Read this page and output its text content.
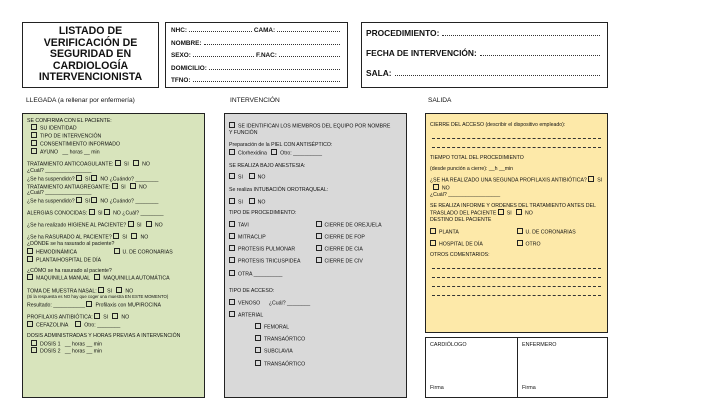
LISTADO DE VERIFICACIÓN DE SEGURIDAD EN CARDIOLOGÍA INTERVENCIONISTA
NHC:	CAMA:
NOMBRE:
SEXO:	F.NAC:
DOMICILIO:
TFNO:
PROCEDIMIENTO:
FECHA DE INTERVENCIÓN:
SALA:
LLEGADA (a rellenar por enfermería)	INTERVENCIÓN	SALIDA
SE CONFIRMA CON EL PACIENTE:
SU IDENTIDAD
TIPO DE INTERVENCIÓN
CONSENTIMIENTO INFORMADO
AYUNO __ horas __ min
TRATAMIENTO ANTICOAGULANTE: SI	NO
¿Cuál? ________________
¿Se ha suspendido? SI NO ¿Cuándo? ________
TRATAMIENTO ANTIAGREGANTE: SI	NO
¿Cuál? ________________
¿Se ha suspendido? SI NO ¿Cuándo? ________
ALERGIAS CONOCIDAS: SI NO ¿Cuál? ________
¿Se ha realizado HIGIENE AL PACIENTE? SI	NO
¿Se ha RASURADO AL PACIENTE? SI	NO
¿DÓNDE se ha rasurado al paciente?
HEMODINÁMICA	U. DE CORONARIAS
PLANTA/HOSPITAL DE DÍA
¿CÓMO se ha rasurado al paciente?
MAQUINILLA MANUAL	MAQUINILLA AUTOMÁTICA
TOMA DE MUESTRA NASAL: SI	NO
(Si la respuesta es NO hay que coger una muestra EN ESTE MOMENTO)
Resultado: ___________ Profilaxis con MUPIROCINA
PROFILAXIS ANTIBIÓTICA: SI	NO
CEFAZOLINA	Otro: ________
DOSIS ADMINISTRADAS Y HORAS PREVIAS A INTERVENCIÓN
DOSIS 1 __ horas __ min
DOSIS 2 __ horas __ min
SE IDENTIFICAN LOS MIEMBROS DEL EQUIPO POR NOMBRE Y FUNCIÓN
Preparación de la PIEL CON ANTISÉPTICO:
Clorhexidina	Otro: __________
SE REALIZA BAJO ANESTESIA:
SI	NO
Se realiza INTUBACIÓN OROTRAQUEAL:
SI	NO
TIPO DE PROCEDIMIENTO:
TAVI	CIERRE DE OREJUELA
MITRACLIP	CIERRE DE FOP
PROTESIS PULMONAR	CIERRE DE CIA
PROTESIS TRICUSPIDEA	CIERRE DE CIV
OTRA __________
TIPO DE ACCESO:
VENOSO ¿Cuál? ________
ARTERIAL
FEMORAL
TRANSAÓRTICO
SUBCLAVIA
TRANSAÓRTICO
CIERRE DEL ACCESO (describir el dispositivo empleado):
TIEMPO TOTAL DEL PROCEDIMIENTO
(desde punción a cierre): __h __min
¿SE HA REALIZADO UNA SEGUNDA PROFILAXIS ANTIBIÓTICA? SI   NO
¿Cuál? __________________
SE REALIZA INFORME Y ORDENES DEL TRATAMIENTO ANTES DEL TRASLADO DEL PACIENTE SI	NO
DESTINO DEL PACIENTE
PLANTA	U. DE CORONARIAS
HOSPITAL DE DÍA	OTRO
OTROS COMENTARIOS:
CARDIÓLOGO
Firma
ENFERMERO
Firma
